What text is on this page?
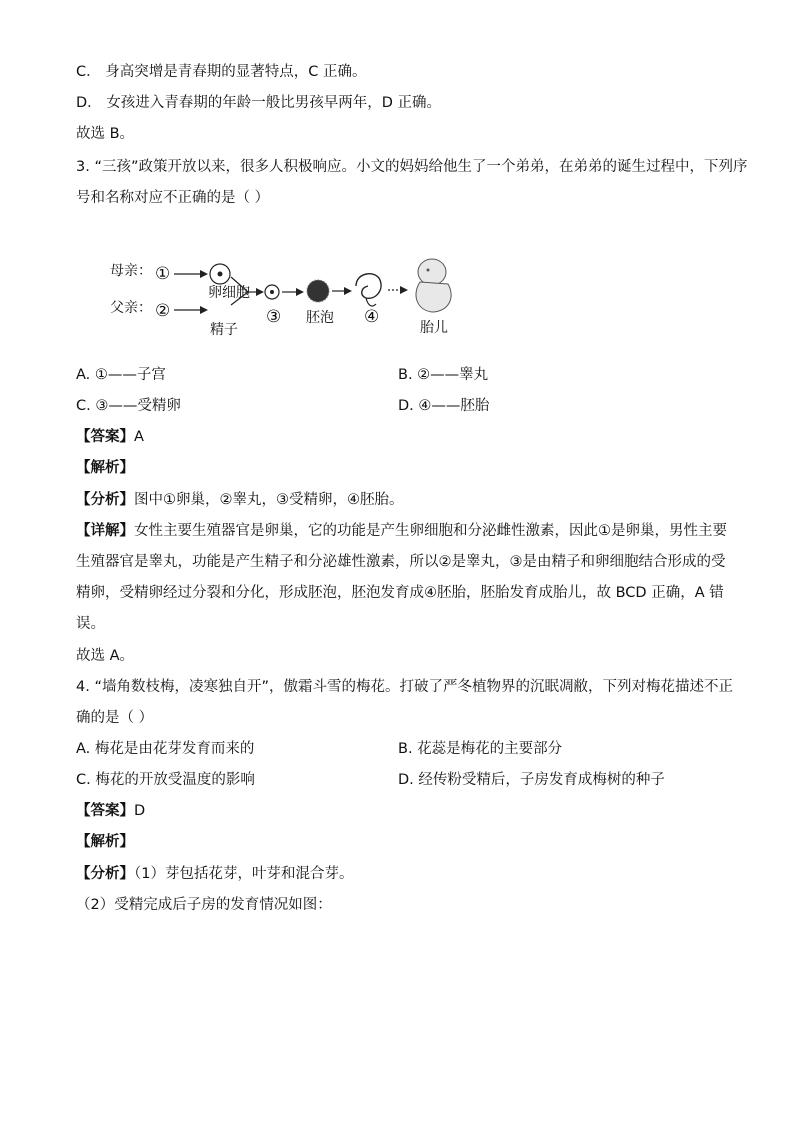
C． 身高突增是青春期的显著特点，C 正确。
D． 女孩进入青春期的年龄一般比男孩早两年，D 正确。
故选 B。
3. “三孩”政策开放以来，很多人积极响应。小文的妈妈给他生了一个弟弟，在弟弟的诞生过程中，下列序
号和名称对应不正确的是（ ）
母亲： ①
父亲： ②
卵细胞
精子
③ 胚泡 ④
胎儿
A. ①——子宫	B. ②——睾丸
C. ③——受精卵	D. ④——胚胎
【答案】A
【解析】
【分析】图中①卵巢，②睾丸，③受精卵，④胚胎。
【详解】女性主要生殖器官是卵巢，它的功能是产生卵细胞和分泌雌性激素，因此①是卵巢，男性主要
生殖器官是睾丸，功能是产生精子和分泌雄性激素，所以②是睾丸，③是由精子和卵细胞结合形成的受
精卵，受精卵经过分裂和分化，形成胚泡，胚泡发育成④胚胎，胚胎发育成胎儿，故 BCD 正确，A 错
误。
故选 A。
4. “墙角数枝梅，凌寒独自开”，傲霜斗雪的梅花。打破了严冬植物界的沉眠凋敝，下列对梅花描述不正
确的是（ ）
A. 梅花是由花芽发育而来的	B. 花蕊是梅花的主要部分
C. 梅花的开放受温度的影响	D. 经传粉受精后，子房发育成梅树的种子
【答案】D
【解析】
【分析】（1）芽包括花芽，叶芽和混合芽。
（2）受精完成后子房的发育情况如图：
